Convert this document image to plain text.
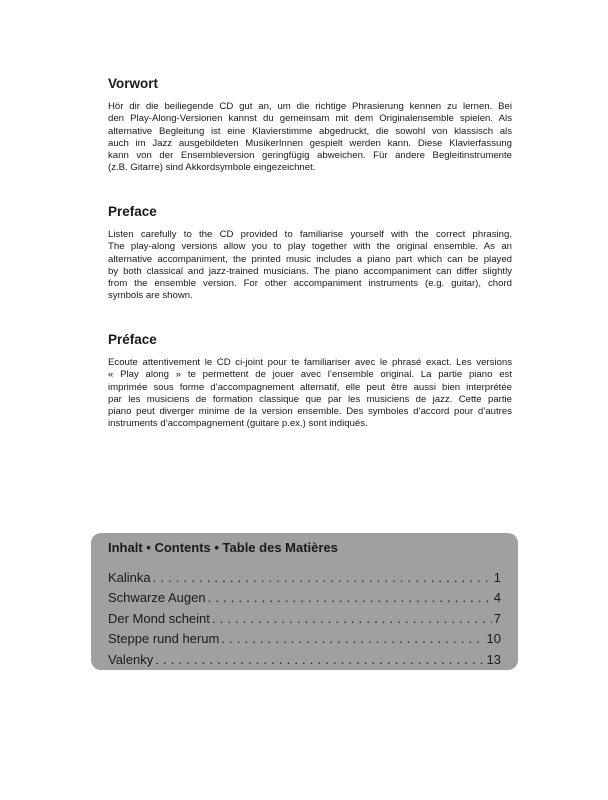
Vorwort
Hör dir die beiliegende CD gut an, um die richtige Phrasierung kennen zu lernen. Bei
den Play-Along-Versionen kannst du gemeinsam mit dem Originalensemble spielen. Als
alternative Begleitung ist eine Klavierstimme abgedruckt, die sowohl von klassisch als
auch im Jazz ausgebildeten MusikerInnen gespielt werden kann. Diese Klavierfassung
kann von der Ensembleversion geringfügig abweichen. Für andere Begleitinstrumente
(z.B. Gitarre) sind Akkordsymbole eingezeichnet.
Preface
Listen carefully to the CD provided to familiarise yourself with the correct phrasing.
The play-along versions allow you to play together with the original ensemble. As an
alternative accompaniment, the printed music includes a piano part which can be played
by both classical and jazz-trained musicians. The piano accompaniment can differ slightly
from the ensemble version. For other accompaniment instruments (e.g. guitar), chord
symbols are shown.
Préface
Ecoute attentivement le CD ci-joint pour te familiariser avec le phrasé exact. Les versions
« Play along » te permettent de jouer avec l’ensemble original. La partie piano est
imprimée sous forme d’accompagnement alternatif, elle peut être aussi bien interprétée
par les musiciens de formation classique que par les musiciens de jazz. Cette partie
piano peut diverger minime de la version ensemble. Des symboles d’accord pour d’autres
instruments d’accompagnement (guitare p.ex.) sont indiqués.
Inhalt • Contents • Table des Matières
Kalinka . . .	1
Schwarze Augen . . .	4
Der Mond scheint . . .	7
Steppe rund herum . . .	10
Valenky . . .	13
